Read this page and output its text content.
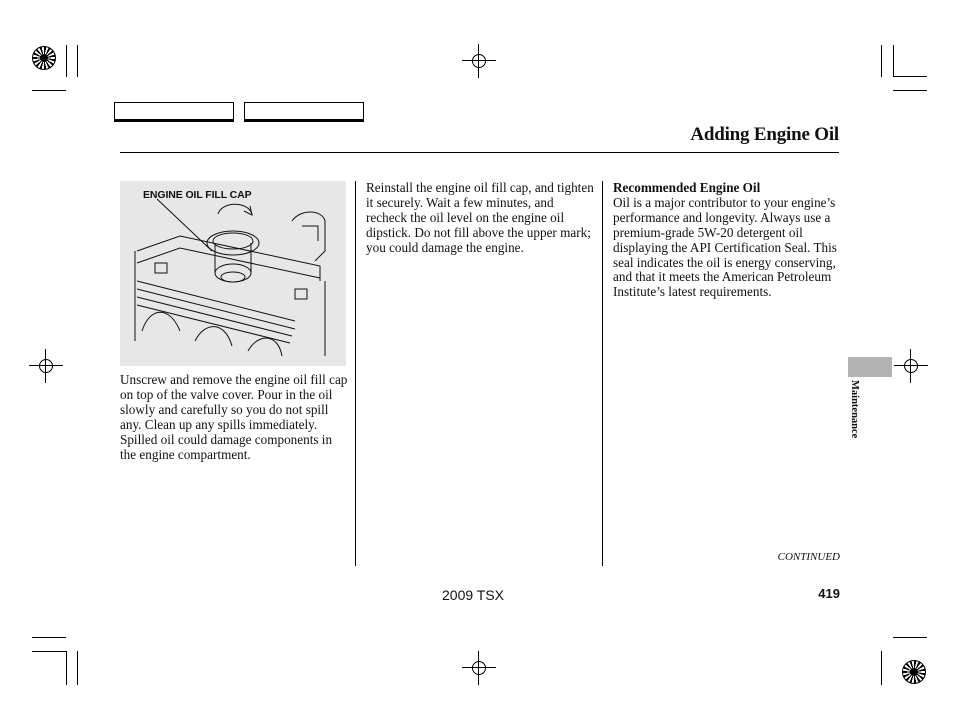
Adding Engine Oil
ENGINE OIL FILL CAP

Unscrew and remove the engine oil fill cap on top of the valve cover. Pour in the oil slowly and carefully so you do not spill any. Clean up any spills immediately. Spilled oil could damage components in the engine compartment.

Reinstall the engine oil fill cap, and tighten it securely. Wait a few minutes, and recheck the oil level on the engine oil dipstick. Do not fill above the upper mark; you could damage the engine.

Recommended Engine Oil

Oil is a major contributor to your engine’s performance and longevity. Always use a premium-grade 5W-20 detergent oil displaying the API Certification Seal. This seal indicates the oil is energy conserving, and that it meets the American Petroleum Institute’s latest requirements.

Maintenance
CONTINUED
2009 TSX	419
